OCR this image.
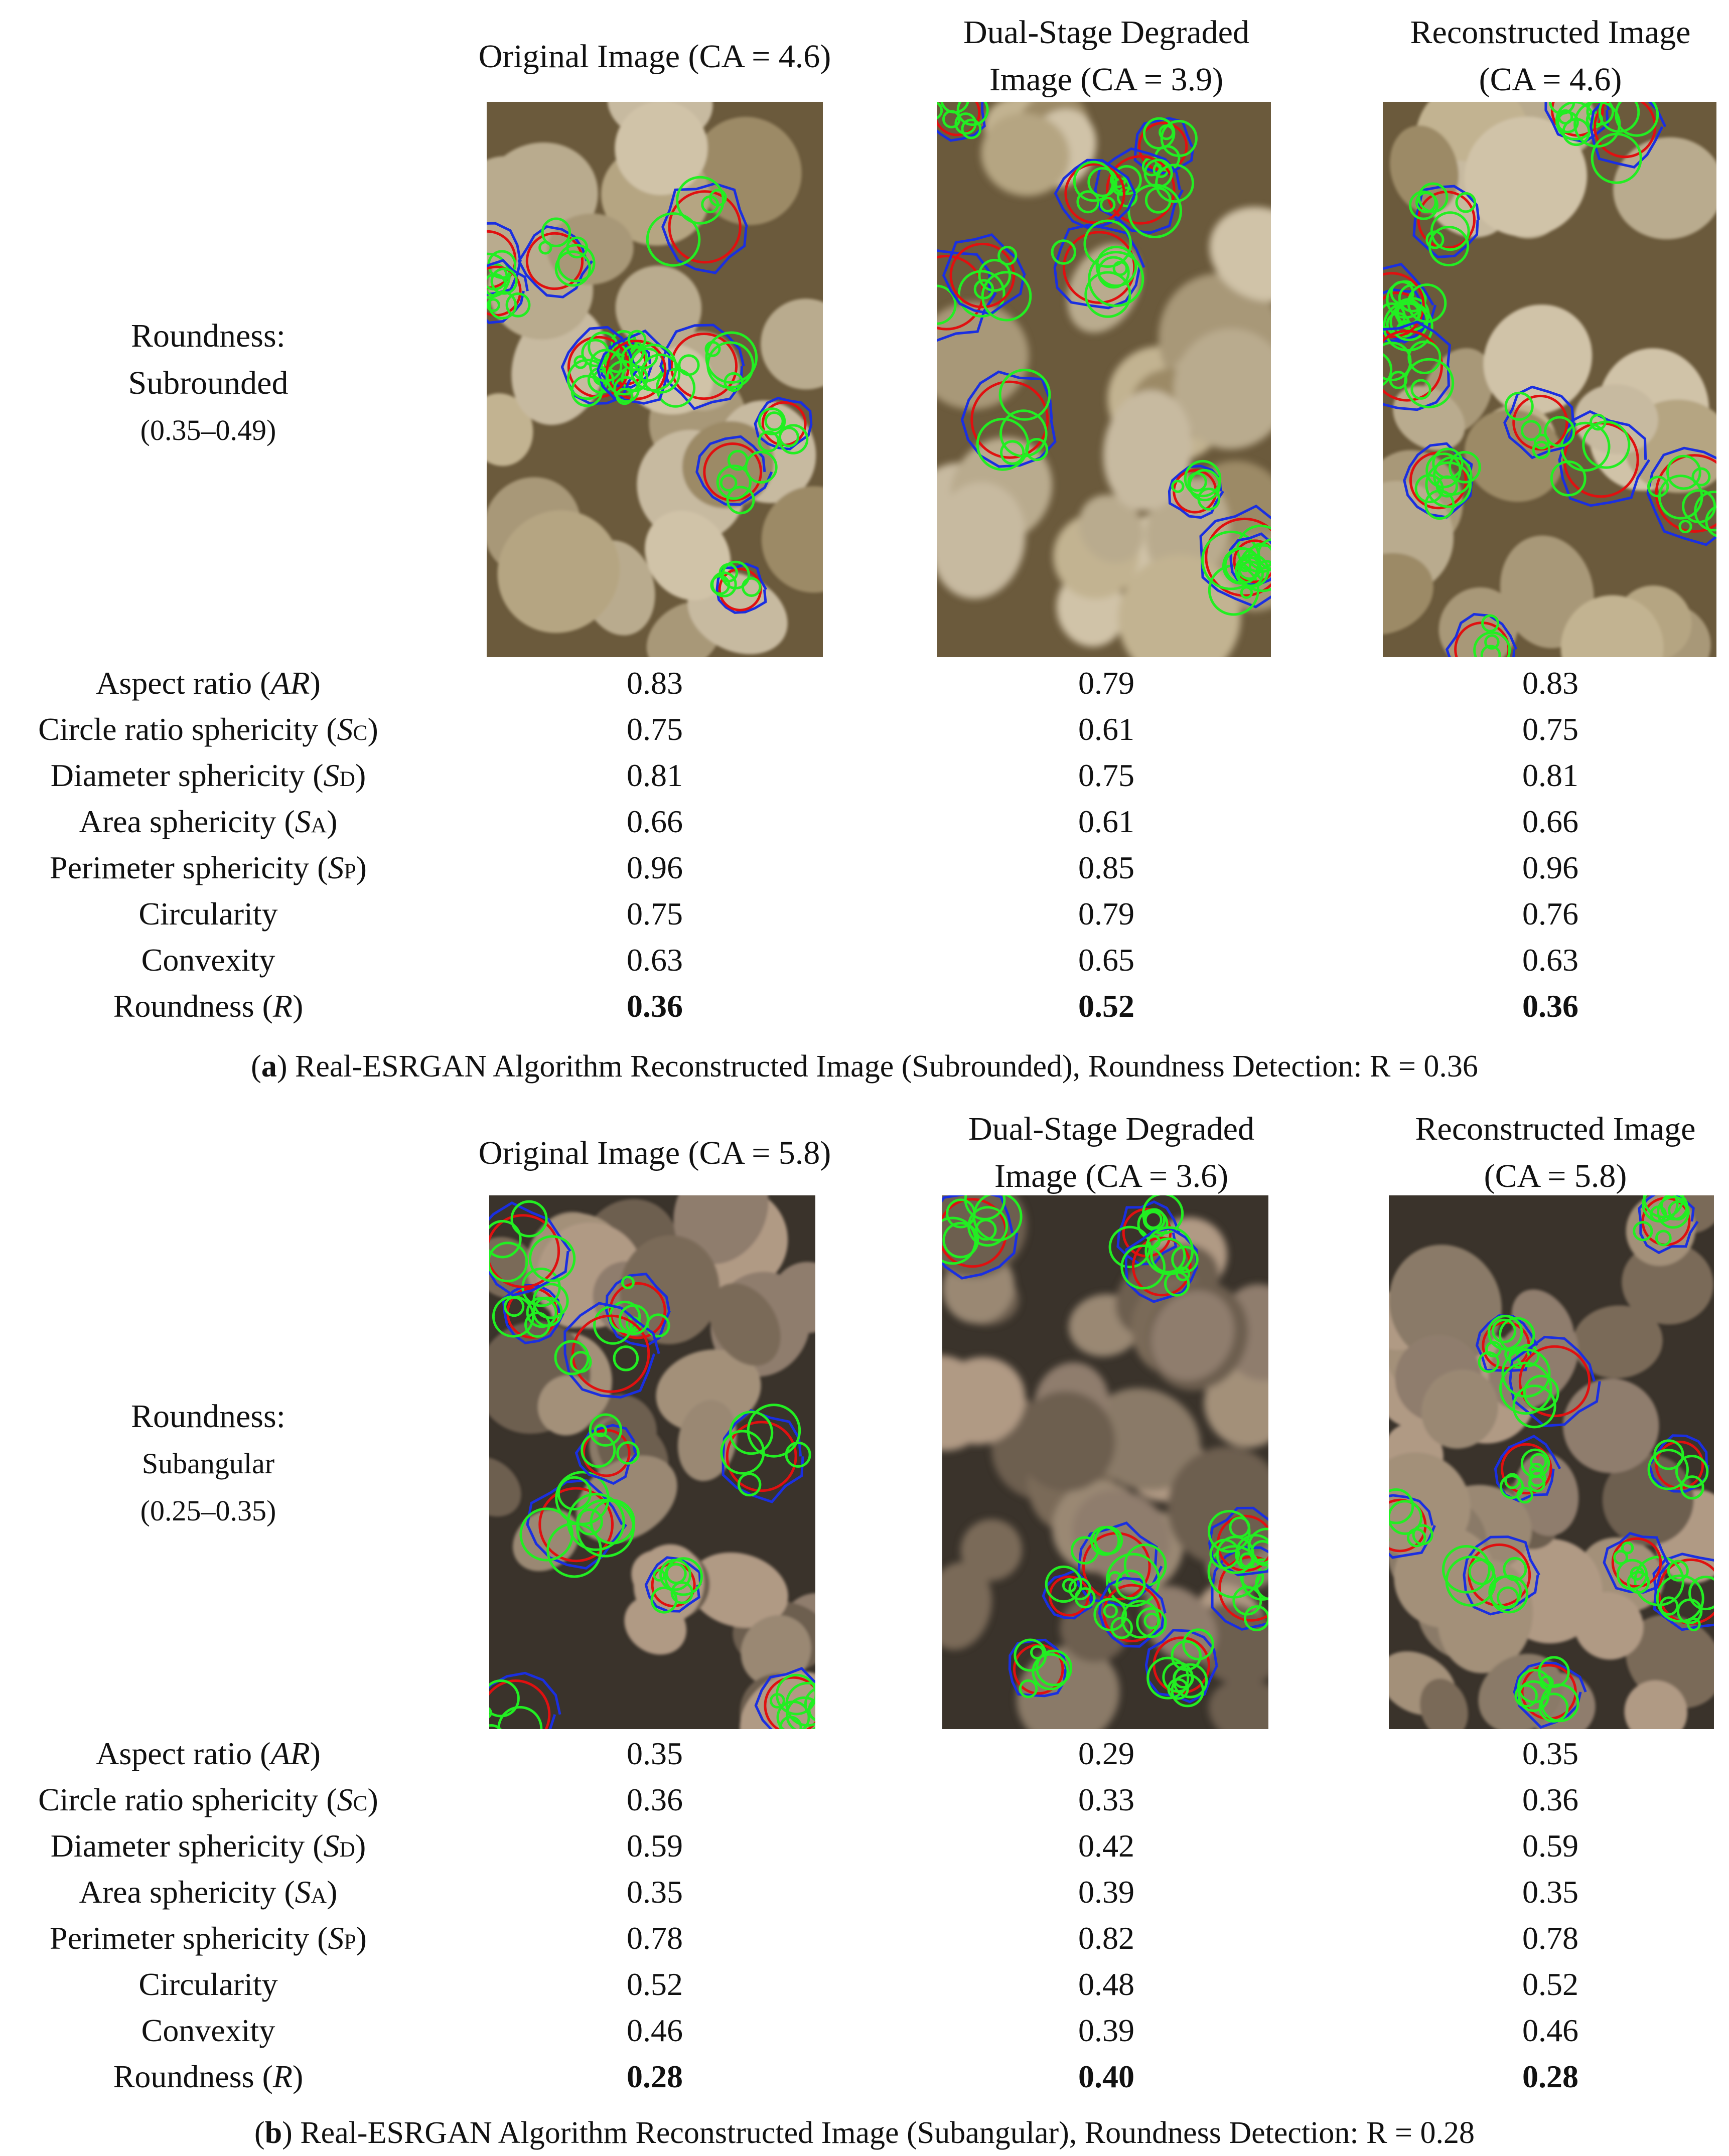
Original Image (CA = 4.6)
Dual-Stage Degraded
Image (CA = 3.9)
Reconstructed Image
(CA = 4.6)
Roundness:
Subrounded
(0.35–0.49)
Aspect ratio (AR)	0.83	0.79	0.83
Circle ratio sphericity (SC)	0.75	0.61	0.75
Diameter sphericity (SD)	0.81	0.75	0.81
Area sphericity (SA)	0.66	0.61	0.66
Perimeter sphericity (SP)	0.96	0.85	0.96
Circularity	0.75	0.79	0.76
Convexity	0.63	0.65	0.63
Roundness (R)	0.36	0.52	0.36
(a) Real-ESRGAN Algorithm Reconstructed Image (Subrounded), Roundness Detection: R = 0.36
Original Image (CA = 5.8)
Dual-Stage Degraded
Image (CA = 3.6)
Reconstructed Image
(CA = 5.8)
Roundness:
Subangular
(0.25–0.35)
Aspect ratio (AR)	0.35	0.29	0.35
Circle ratio sphericity (SC)	0.36	0.33	0.36
Diameter sphericity (SD)	0.59	0.42	0.59
Area sphericity (SA)	0.35	0.39	0.35
Perimeter sphericity (SP)	0.78	0.82	0.78
Circularity	0.52	0.48	0.52
Convexity	0.46	0.39	0.46
Roundness (R)	0.28	0.40	0.28
(b) Real-ESRGAN Algorithm Reconstructed Image (Subangular), Roundness Detection: R = 0.28
